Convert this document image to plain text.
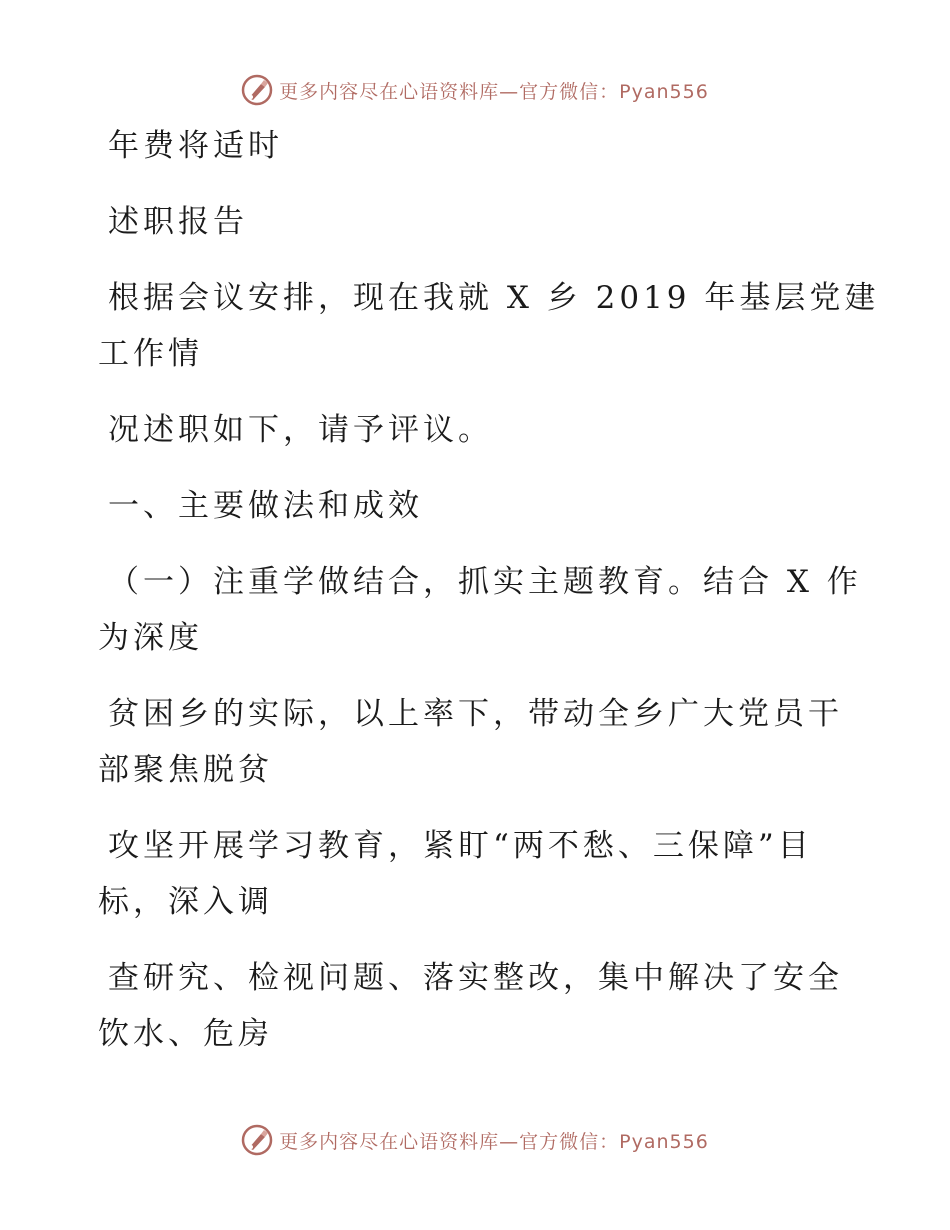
更多内容尽在心语资料库—官方微信：Pyan556

年费将适时

述职报告

根据会议安排，现在我就 X 乡 2019 年基层党建

工作情

况述职如下，请予评议。

一、主要做法和成效

（一）注重学做结合，抓实主题教育。结合 X 作

为深度

贫困乡的实际，以上率下，带动全乡广大党员干

部聚焦脱贫

攻坚开展学习教育，紧盯“两不愁、三保障”目

标，深入调

查研究、检视问题、落实整改，集中解决了安全

饮水、危房

更多内容尽在心语资料库—官方微信：Pyan556
